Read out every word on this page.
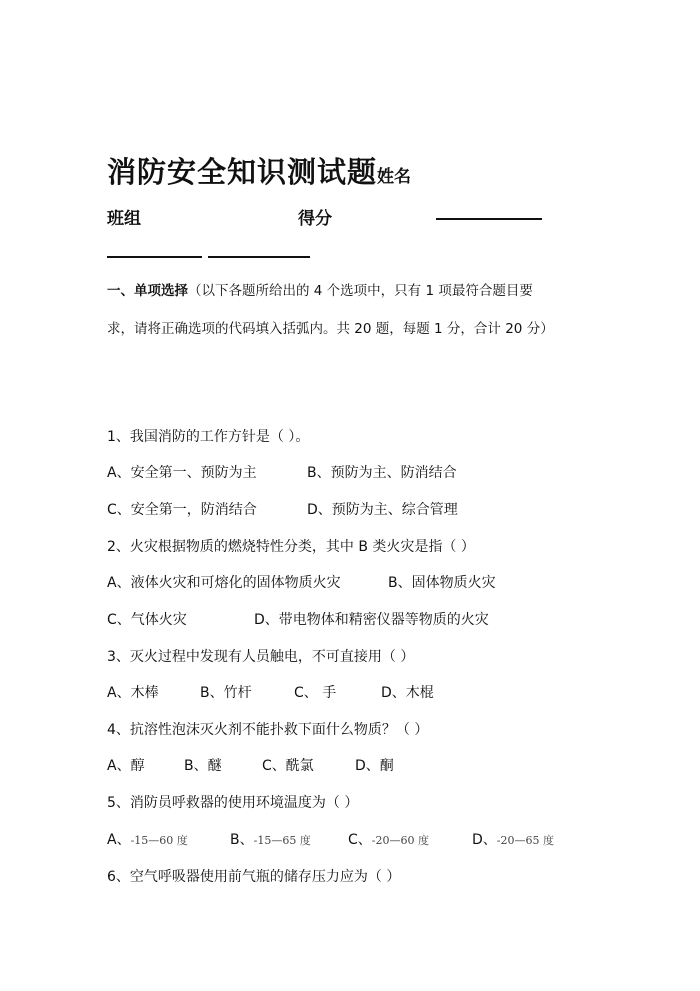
消防安全知识测试题姓名
班组	得分
一、单项选择（以下各题所给出的 4 个选项中，只有 1 项最符合题目要
求，请将正确选项的代码填入括弧内。共 20 题，每题 1 分，合计 20 分）
1、我国消防的工作方针是（ ）。
A、安全第一、预防为主	B、预防为主、防消结合
C、安全第一，防消结合	D、预防为主、综合管理
2、火灾根据物质的燃烧特性分类，其中 B 类火灾是指（ ）
A、液体火灾和可熔化的固体物质火灾	B、固体物质火灾
C、气体火灾	D、带电物体和精密仪器等物质的火灾
3、灭火过程中发现有人员触电，不可直接用（ ）
A、木棒	B、竹杆	C、 手	D、木棍
4、抗溶性泡沫灭火剂不能扑救下面什么物质？（ ）
A、醇	B、醚	C、酰氯	D、酮
5、消防员呼救器的使用环境温度为（ ）
A、-15—60 度	B、-15—65 度	C、-20—60 度	D、-20—65 度
6、空气呼吸器使用前气瓶的储存压力应为（ ）
